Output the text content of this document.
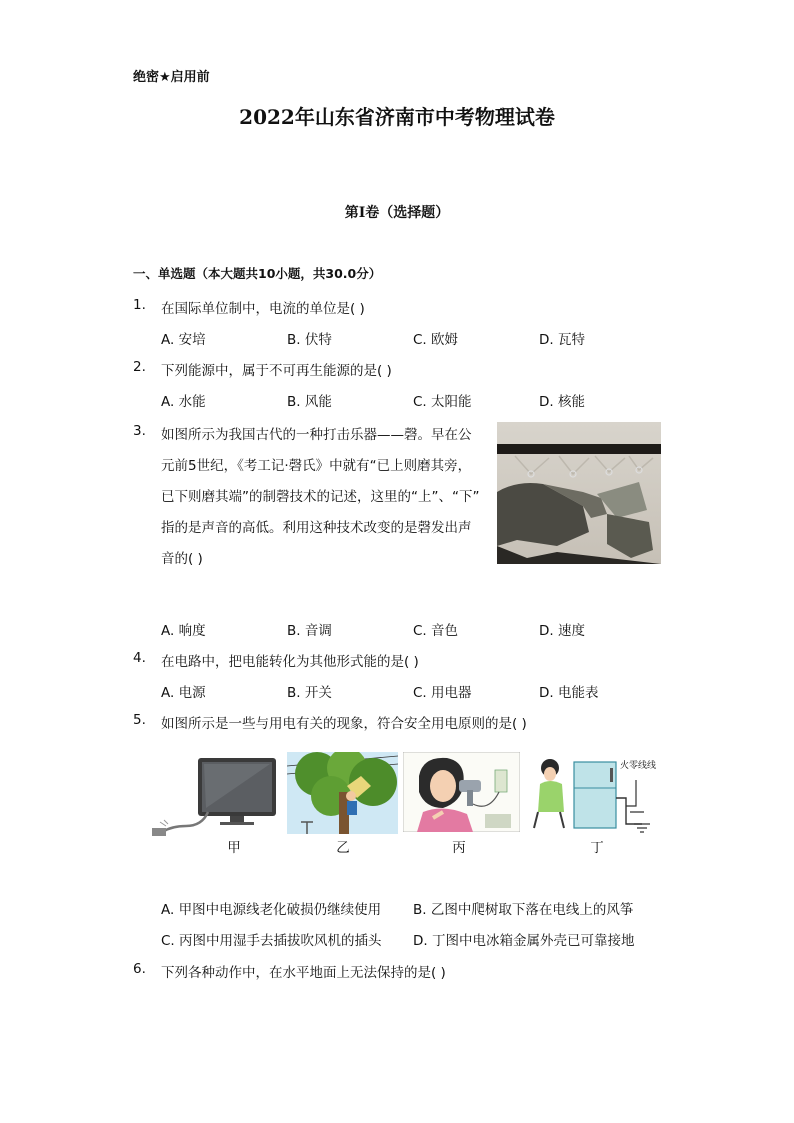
绝密★启用前
2022年山东省济南市中考物理试卷
第I卷（选择题）
一、单选题（本大题共10小题，共30.0分）
1. 在国际单位制中，电流的单位是( )
A. 安培	B. 伏特	C. 欧姆	D. 瓦特
2. 下列能源中，属于不可再生能源的是( )
A. 水能	B. 风能	C. 太阳能	D. 核能
3. 如图所示为我国古代的一种打击乐器——磬。早在公
元前5世纪，《考工记·磬氏》中就有“已上则磨其旁，
已下则磨其端”的制磬技术的记述，这里的“上”、“下”
指的是声音的高低。利用这种技术改变的是磬发出声
音的( )
A. 响度	B. 音调	C. 音色	D. 速度
4. 在电路中，把电能转化为其他形式能的是( )
A. 电源	B. 开关	C. 用电器	D. 电能表
5. 如图所示是一些与用电有关的现象，符合安全用电原则的是( )
火零线线
甲	乙	丙	丁
A. 甲图中电源线老化破损仍继续使用 B. 乙图中爬树取下落在电线上的风筝
C. 丙图中用湿手去插拔吹风机的插头 D. 丁图中电冰箱金属外壳已可靠接地
6. 下列各种动作中，在水平地面上无法保持的是( )
